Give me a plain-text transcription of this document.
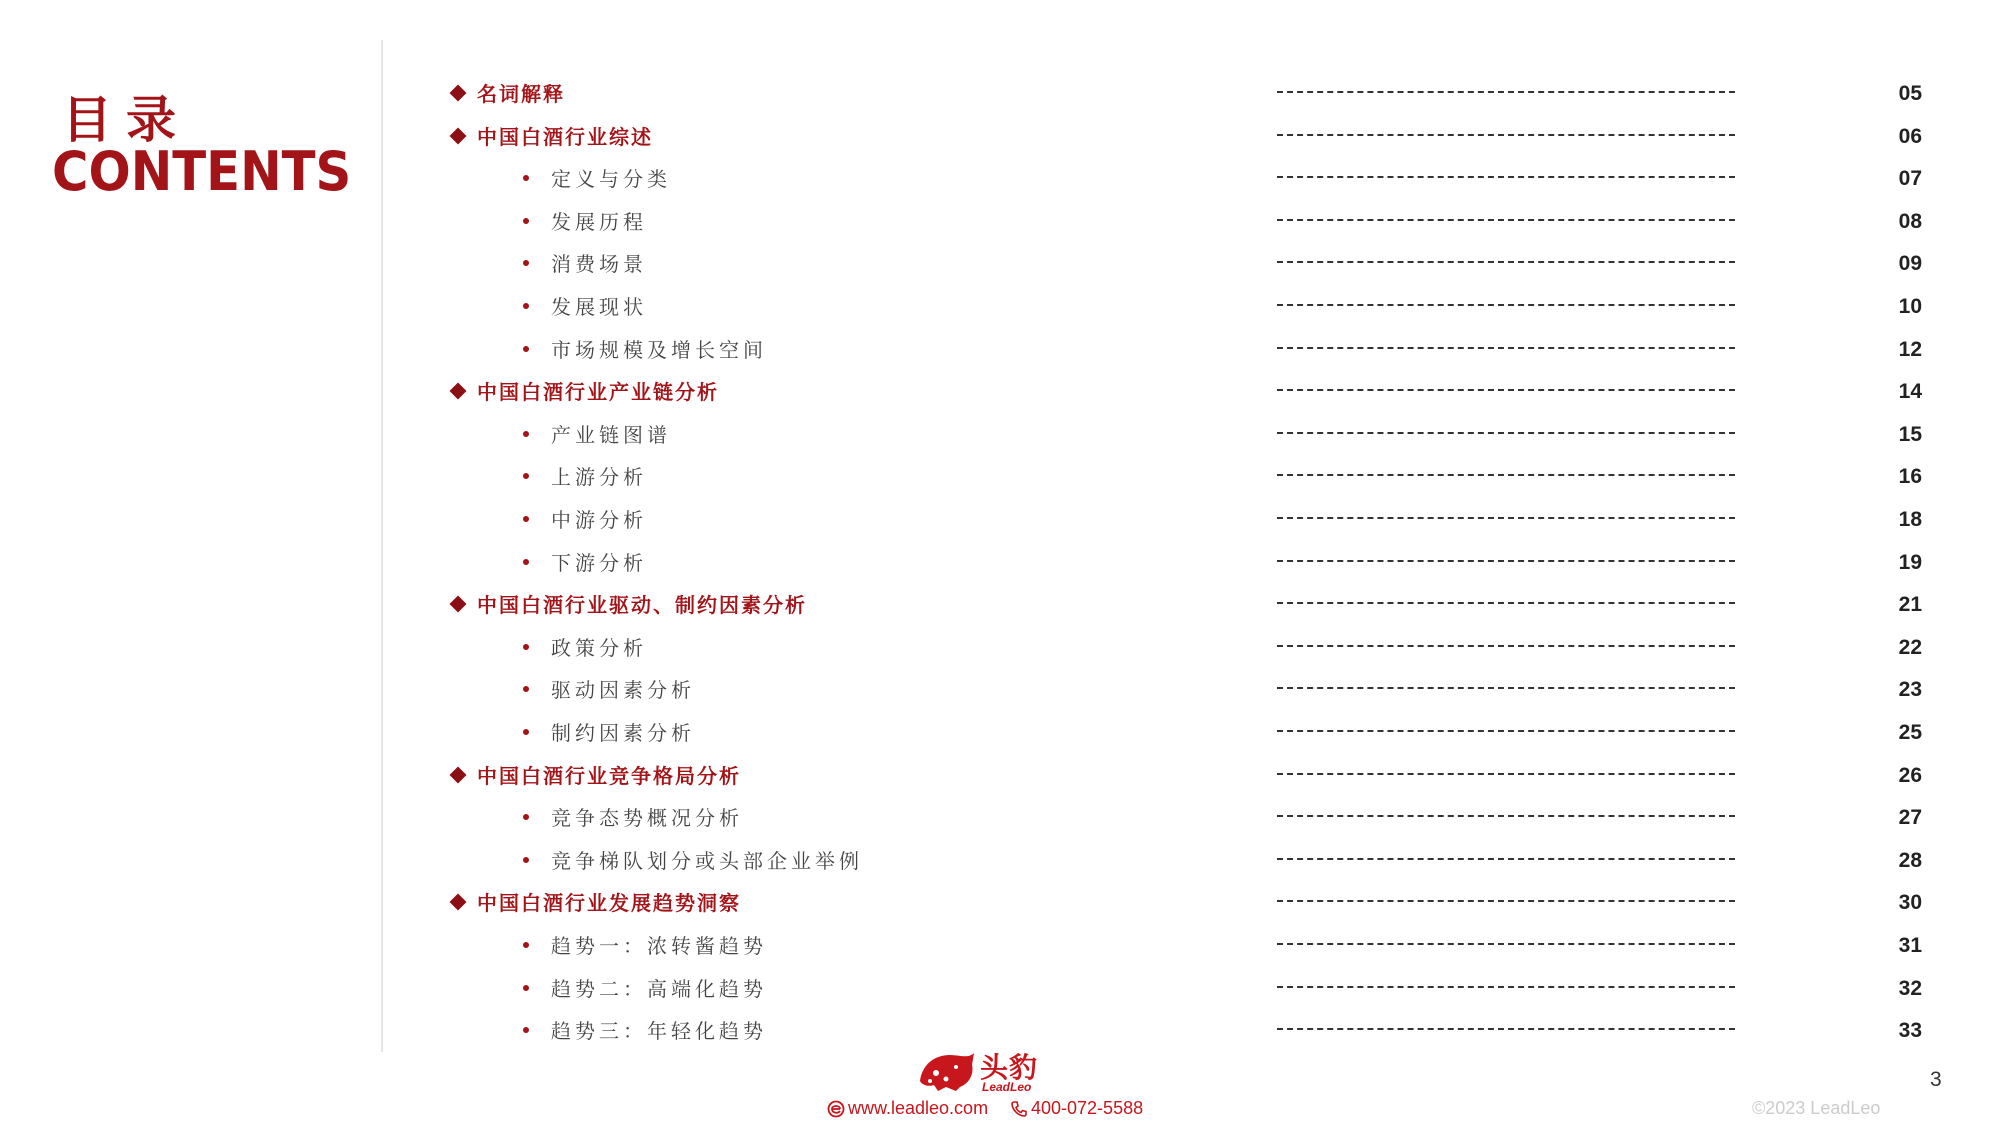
目录
CONTENTS
名词解释	05
中国白酒行业综述	06
定义与分类	07
发展历程	08
消费场景	09
发展现状	10
市场规模及增长空间	12
中国白酒行业产业链分析	14
产业链图谱	15
上游分析	16
中游分析	18
下游分析	19
中国白酒行业驱动、制约因素分析	21
政策分析	22
驱动因素分析	23
制约因素分析	25
中国白酒行业竞争格局分析	26
竞争态势概况分析	27
竞争梯队划分或头部企业举例	28
中国白酒行业发展趋势洞察	30
趋势一：浓转酱趋势	31
趋势二：高端化趋势	32
趋势三：年轻化趋势	33
头豹
LeadLeo
www.leadleo.com	400-072-5588	©2023 LeadLeo
3
